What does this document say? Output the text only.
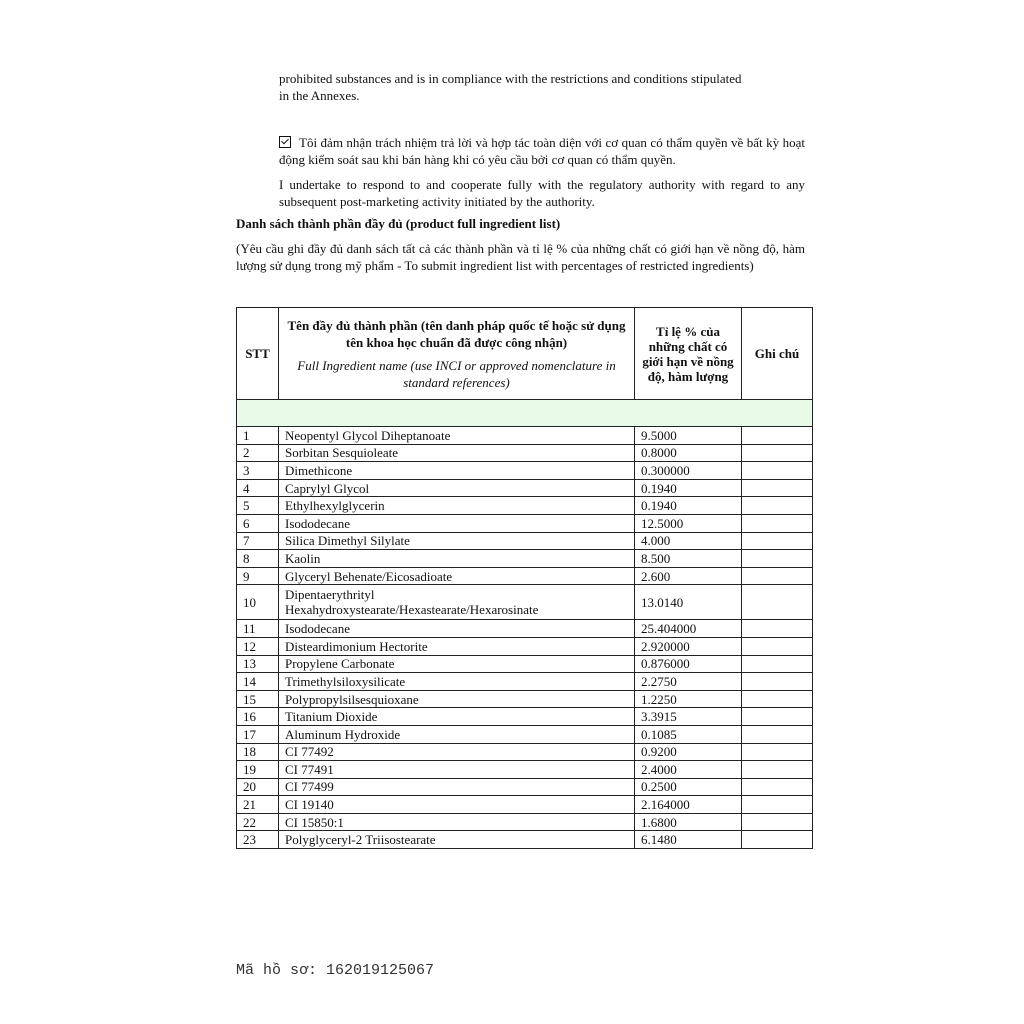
prohibited substances and is in compliance with the restrictions and conditions stipulated

in the Annexes.

Tôi đảm nhận trách nhiệm trả lời và hợp tác toàn diện với cơ quan có thẩm quyền về bất kỳ hoạt động kiểm soát sau khi bán hàng khi có yêu cầu bởi cơ quan có thẩm quyền.

I undertake to respond to and cooperate fully with the regulatory authority with regard to any subsequent post-marketing activity initiated by the authority.

Danh sách thành phần đầy đủ (product full ingredient list)

(Yêu cầu ghi đầy đủ danh sách tất cả các thành phần và tỉ lệ % của những chất có giới hạn về nồng độ, hàm lượng sử dụng trong mỹ phẩm - To submit ingredient list with percentages of restricted ingredients)

STT	Tên đầy đủ thành phần (tên danh pháp quốc tế hoặc sử dụng tên khoa học chuẩn đã được công nhận)
Full Ingredient name (use INCI or approved nomenclature in standard references)	Tỉ lệ % của những chất có giới hạn về nồng độ, hàm lượng	Ghi chú

1	Neopentyl Glycol Diheptanoate	9.5000	
2	Sorbitan Sesquioleate	0.8000	
3	Dimethicone	0.300000	
4	Caprylyl Glycol	0.1940	
5	Ethylhexylglycerin	0.1940	
6	Isododecane	12.5000	
7	Silica Dimethyl Silylate	4.000	
8	Kaolin	8.500	
9	Glyceryl Behenate/Eicosadioate	2.600	
10	Dipentaerythrityl
Hexahydroxystearate/Hexastearate/Hexarosinate	13.0140	
11	Isododecane	25.404000	
12	Disteardimonium Hectorite	2.920000	
13	Propylene Carbonate	0.876000	
14	Trimethylsiloxysilicate	2.2750	
15	Polypropylsilsesquioxane	1.2250	
16	Titanium Dioxide	3.3915	
17	Aluminum Hydroxide	0.1085	
18	CI 77492	0.9200	
19	CI 77491	2.4000	
20	CI 77499	0.2500	
21	CI 19140	2.164000	
22	CI 15850:1	1.6800	
23	Polyglyceryl-2 Triisostearate	6.1480	
Mã hồ sơ: 162019125067
